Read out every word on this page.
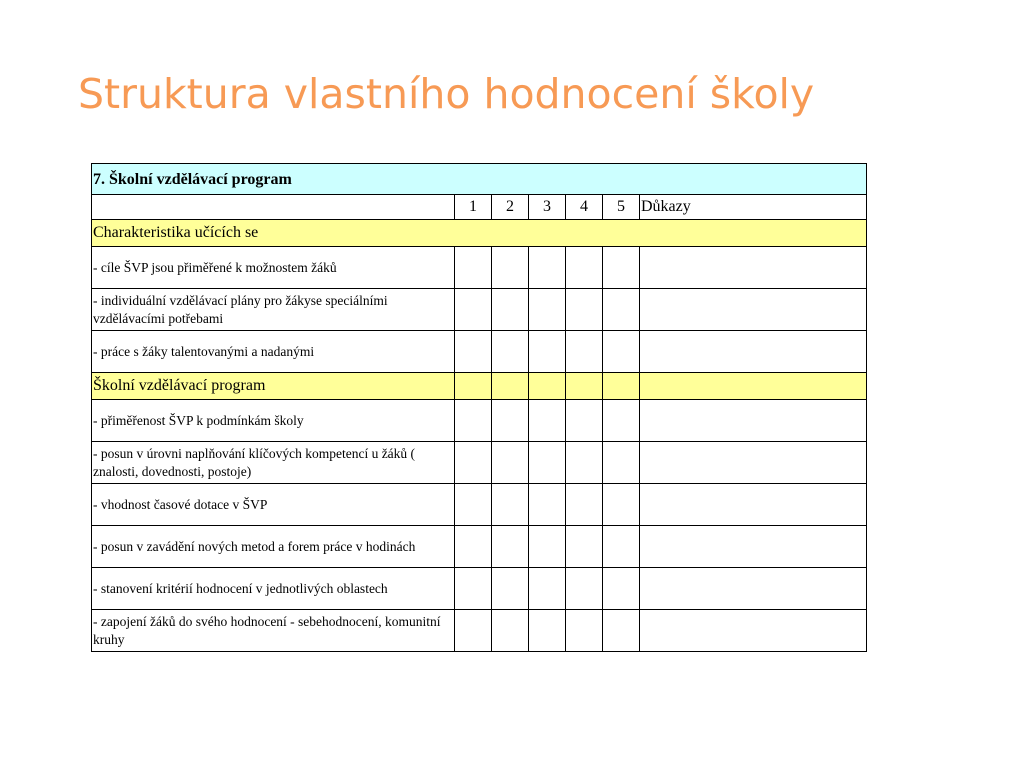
Struktura vlastního hodnocení školy
7. Školní vzdělávací program						
	1	2	3	4	5	Důkazy
Charakteristika učících se						
- cíle ŠVP jsou přiměřené k možnostem žáků						
- individuální vzdělávací plány pro žákyse speciálními vzdělávacími potřebami						
- práce s žáky talentovanými a nadanými						
Školní vzdělávací program						
- přiměřenost ŠVP k podmínkám školy						
- posun v úrovni naplňování klíčových kompetencí u žáků ( znalosti, dovednosti, postoje)						
- vhodnost časové dotace v ŠVP						
- posun v zavádění nových metod a forem práce v hodinách						
- stanovení kritérií hodnocení v jednotlivých oblastech						
- zapojení žáků do svého hodnocení - sebehodnocení, komunitní kruhy						
